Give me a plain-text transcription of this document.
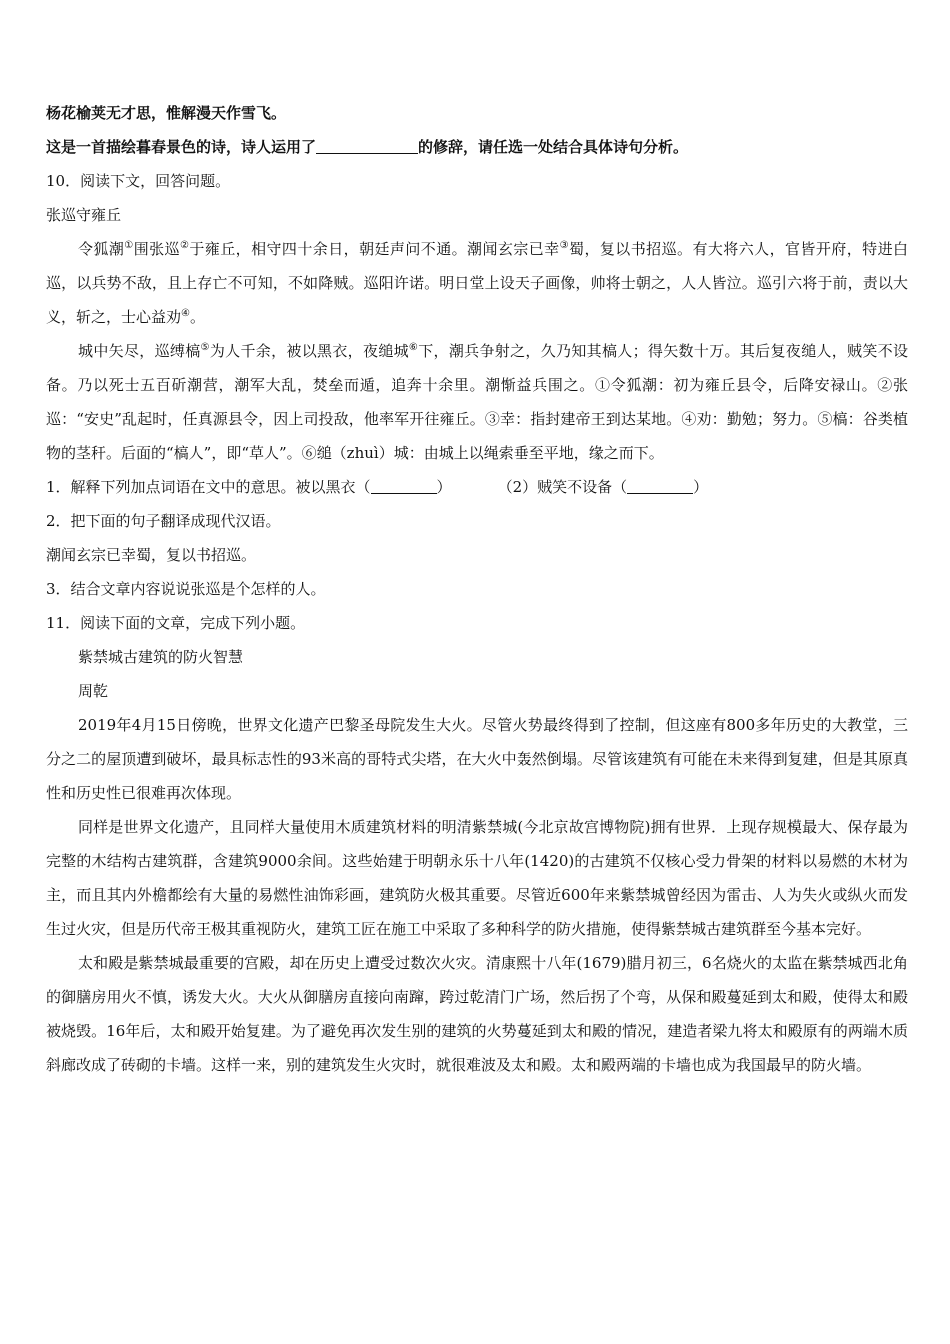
杨花榆荚无才思，惟解漫天作雪飞。
这是一首描绘暮春景色的诗，诗人运用了	的修辞，请任选一处结合具体诗句分析。
10．阅读下文，回答问题。
张巡守雍丘
令狐潮①围张巡②于雍丘，相守四十余日，朝廷声问不通。潮闻玄宗已幸③蜀，复以书招巡。有大将六人，官皆开府，特进白巡，以兵势不敌，且上存亡不可知，不如降贼。巡阳许诺。明日堂上设天子画像，帅将士朝之，人人皆泣。巡引六将于前，责以大义，斩之，士心益劝④。
城中矢尽，巡缚槁⑤为人千余，被以黑衣，夜缒城⑥下，潮兵争射之，久乃知其槁人；得矢数十万。其后复夜缒人，贼笑不设备。乃以死士五百斫潮营，潮军大乱，焚垒而遁，追奔十余里。潮惭益兵围之。①令狐潮：初为雍丘县令，后降安禄山。②张巡：“安史”乱起时，任真源县令，因上司投敌，他率军开往雍丘。③幸：指封建帝王到达某地。④劝：勤勉；努力。⑤槁：谷类植物的茎秆。后面的“槁人”，即“草人”。⑥缒（zhuì）城：由城上以绳索垂至平地，缘之而下。
1．解释下列加点词语在文中的意思。被以黑衣（	）	（2）贼笑不设备（	）
2．把下面的句子翻译成现代汉语。
潮闻玄宗已幸蜀，复以书招巡。
3．结合文章内容说说张巡是个怎样的人。
11．阅读下面的文章，完成下列小题。
紫禁城古建筑的防火智慧
周乾
2019年4月15日傍晚，世界文化遗产巴黎圣母院发生大火。尽管火势最终得到了控制，但这座有800多年历史的大教堂，三分之二的屋顶遭到破坏，最具标志性的93米高的哥特式尖塔，在大火中轰然倒塌。尽管该建筑有可能在未来得到复建，但是其原真性和历史性已很难再次体现。
同样是世界文化遗产，且同样大量使用木质建筑材料的明清紫禁城(今北京故宫博物院)拥有世界．上现存规模最大、保存最为完整的木结构古建筑群，含建筑9000余间。这些始建于明朝永乐十八年(1420)的古建筑不仅核心受力骨架的材料以易燃的木材为主，而且其内外檐都绘有大量的易燃性油饰彩画，建筑防火极其重要。尽管近600年来紫禁城曾经因为雷击、人为失火或纵火而发生过火灾，但是历代帝王极其重视防火，建筑工匠在施工中采取了多种科学的防火措施，使得紫禁城古建筑群至今基本完好。
太和殿是紫禁城最重要的宫殿，却在历史上遭受过数次火灾。清康熙十八年(1679)腊月初三，6名烧火的太监在紫禁城西北角的御膳房用火不慎，诱发大火。大火从御膳房直接向南蹿，跨过乾清门广场，然后拐了个弯，从保和殿蔓延到太和殿，使得太和殿被烧毁。16年后，太和殿开始复建。为了避免再次发生别的建筑的火势蔓延到太和殿的情况，建造者梁九将太和殿原有的两端木质斜廊改成了砖砌的卡墙。这样一来，别的建筑发生火灾时，就很难波及太和殿。太和殿两端的卡墙也成为我国最早的防火墙。
